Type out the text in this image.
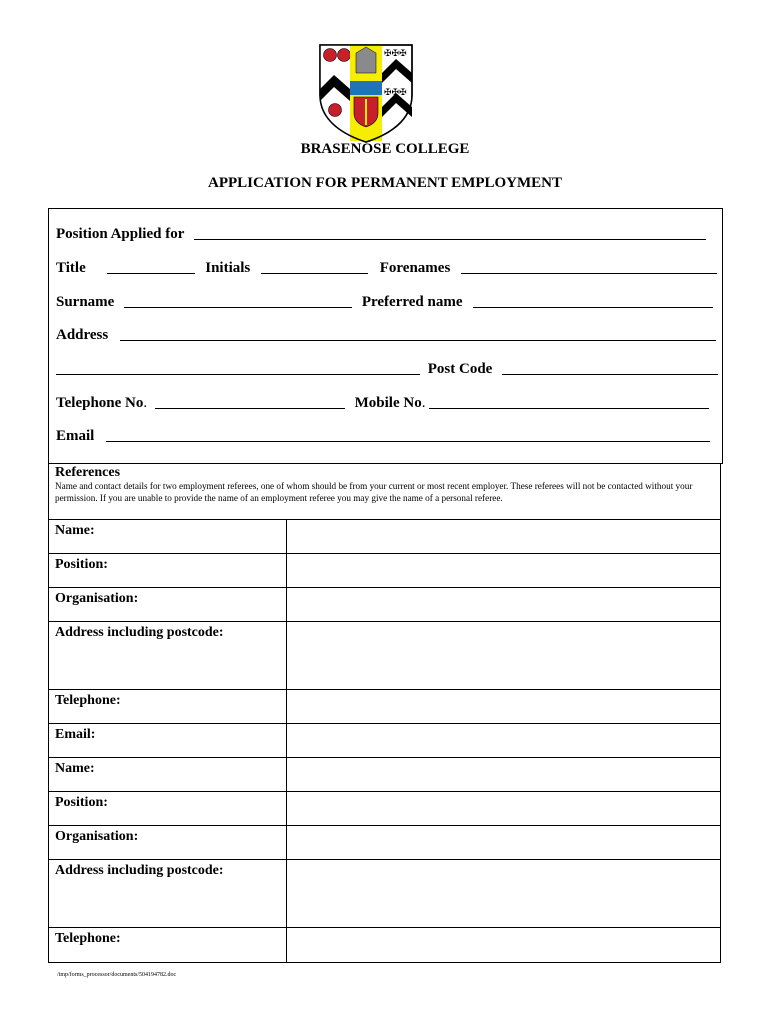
✠✠✠
✠✠✠
BRASENOSE COLLEGE
APPLICATION FOR PERMANENT EMPLOYMENT
Position Applied for
Title	Initials	Forenames
Surname	Preferred name
Address
Post Code
Telephone No.	Mobile No.
Email
References
Name and contact details for two employment referees, one of whom should be from your current or most recent employer. These referees will not be contacted without your permission. If you are unable to provide the name of an employment referee you may give the name of a personal referee.
Name:
Position:
Organisation:
Address including postcode:
Telephone:
Email:
Name:
Position:
Organisation:
Address including postcode:
Telephone:
/tmp/forms_processor/documents/504194782.doc
